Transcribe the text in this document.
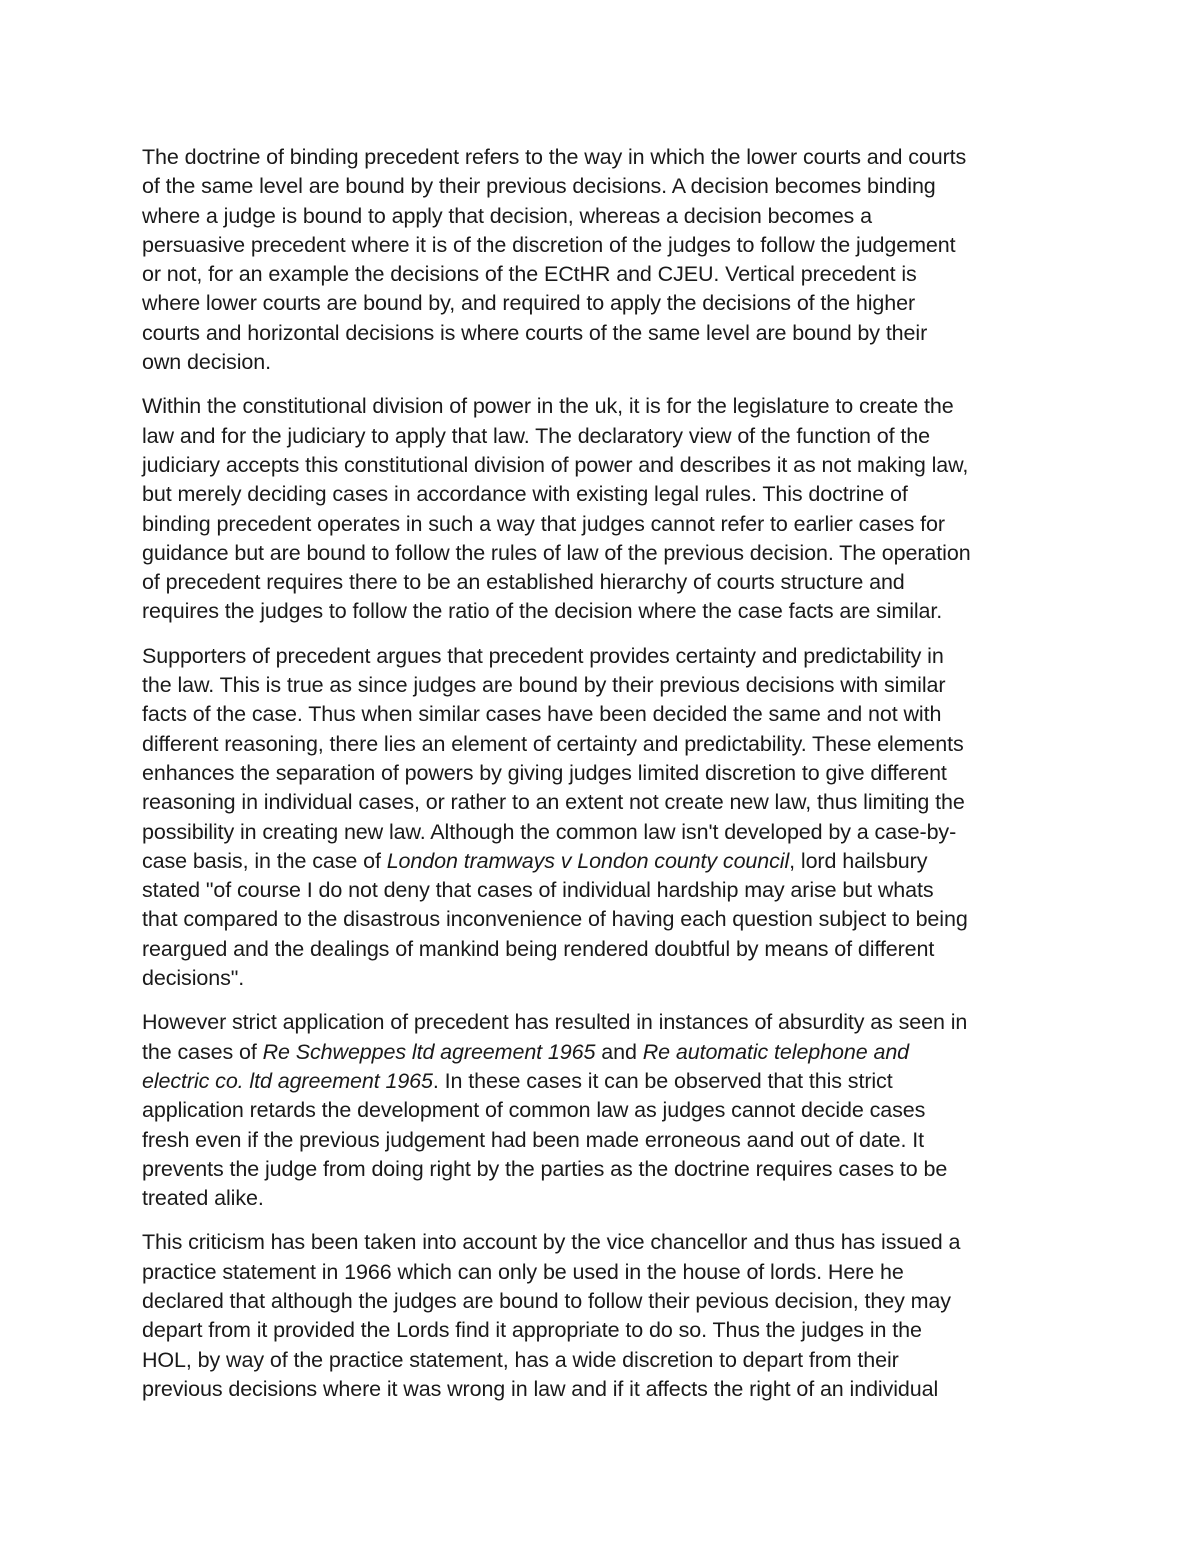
The doctrine of binding precedent refers to the way in which the lower courts and courts
of the same level are bound by their previous decisions. A decision becomes binding
where a judge is bound to apply that decision, whereas a decision becomes a
persuasive precedent where it is of the discretion of the judges to follow the judgement
or not, for an example the decisions of the ECtHR and CJEU. Vertical precedent is
where lower courts are bound by, and required to apply the decisions of the higher
courts and horizontal decisions is where courts of the same level are bound by their
own decision.

Within the constitutional division of power in the uk, it is for the legislature to create the
law and for the judiciary to apply that law. The declaratory view of the function of the
judiciary accepts this constitutional division of power and describes it as not making law,
but merely deciding cases in accordance with existing legal rules. This doctrine of
binding precedent operates in such a way that judges cannot refer to earlier cases for
guidance but are bound to follow the rules of law of the previous decision. The operation
of precedent requires there to be an established hierarchy of courts structure and
requires the judges to follow the ratio of the decision where the case facts are similar.

Supporters of precedent argues that precedent provides certainty and predictability in
the law. This is true as since judges are bound by their previous decisions with similar
facts of the case. Thus when similar cases have been decided the same and not with
different reasoning, there lies an element of certainty and predictability. These elements
enhances the separation of powers by giving judges limited discretion to give different
reasoning in individual cases, or rather to an extent not create new law, thus limiting the
possibility in creating new law. Although the common law isn't developed by a case-by-
case basis, in the case of London tramways v London county council, lord hailsbury
stated "of course I do not deny that cases of individual hardship may arise but whats
that compared to the disastrous inconvenience of having each question subject to being
reargued and the dealings of mankind being rendered doubtful by means of different
decisions".

However strict application of precedent has resulted in instances of absurdity as seen in
the cases of Re Schweppes ltd agreement 1965 and Re automatic telephone and
electric co. ltd agreement 1965. In these cases it can be observed that this strict
application retards the development of common law as judges cannot decide cases
fresh even if the previous judgement had been made erroneous aand out of date. It
prevents the judge from doing right by the parties as the doctrine requires cases to be
treated alike.

This criticism has been taken into account by the vice chancellor and thus has issued a
practice statement in 1966 which can only be used in the house of lords. Here he
declared that although the judges are bound to follow their pevious decision, they may
depart from it provided the Lords find it appropriate to do so. Thus the judges in the
HOL, by way of the practice statement, has a wide discretion to depart from their
previous decisions where it was wrong in law and if it affects the right of an individual
